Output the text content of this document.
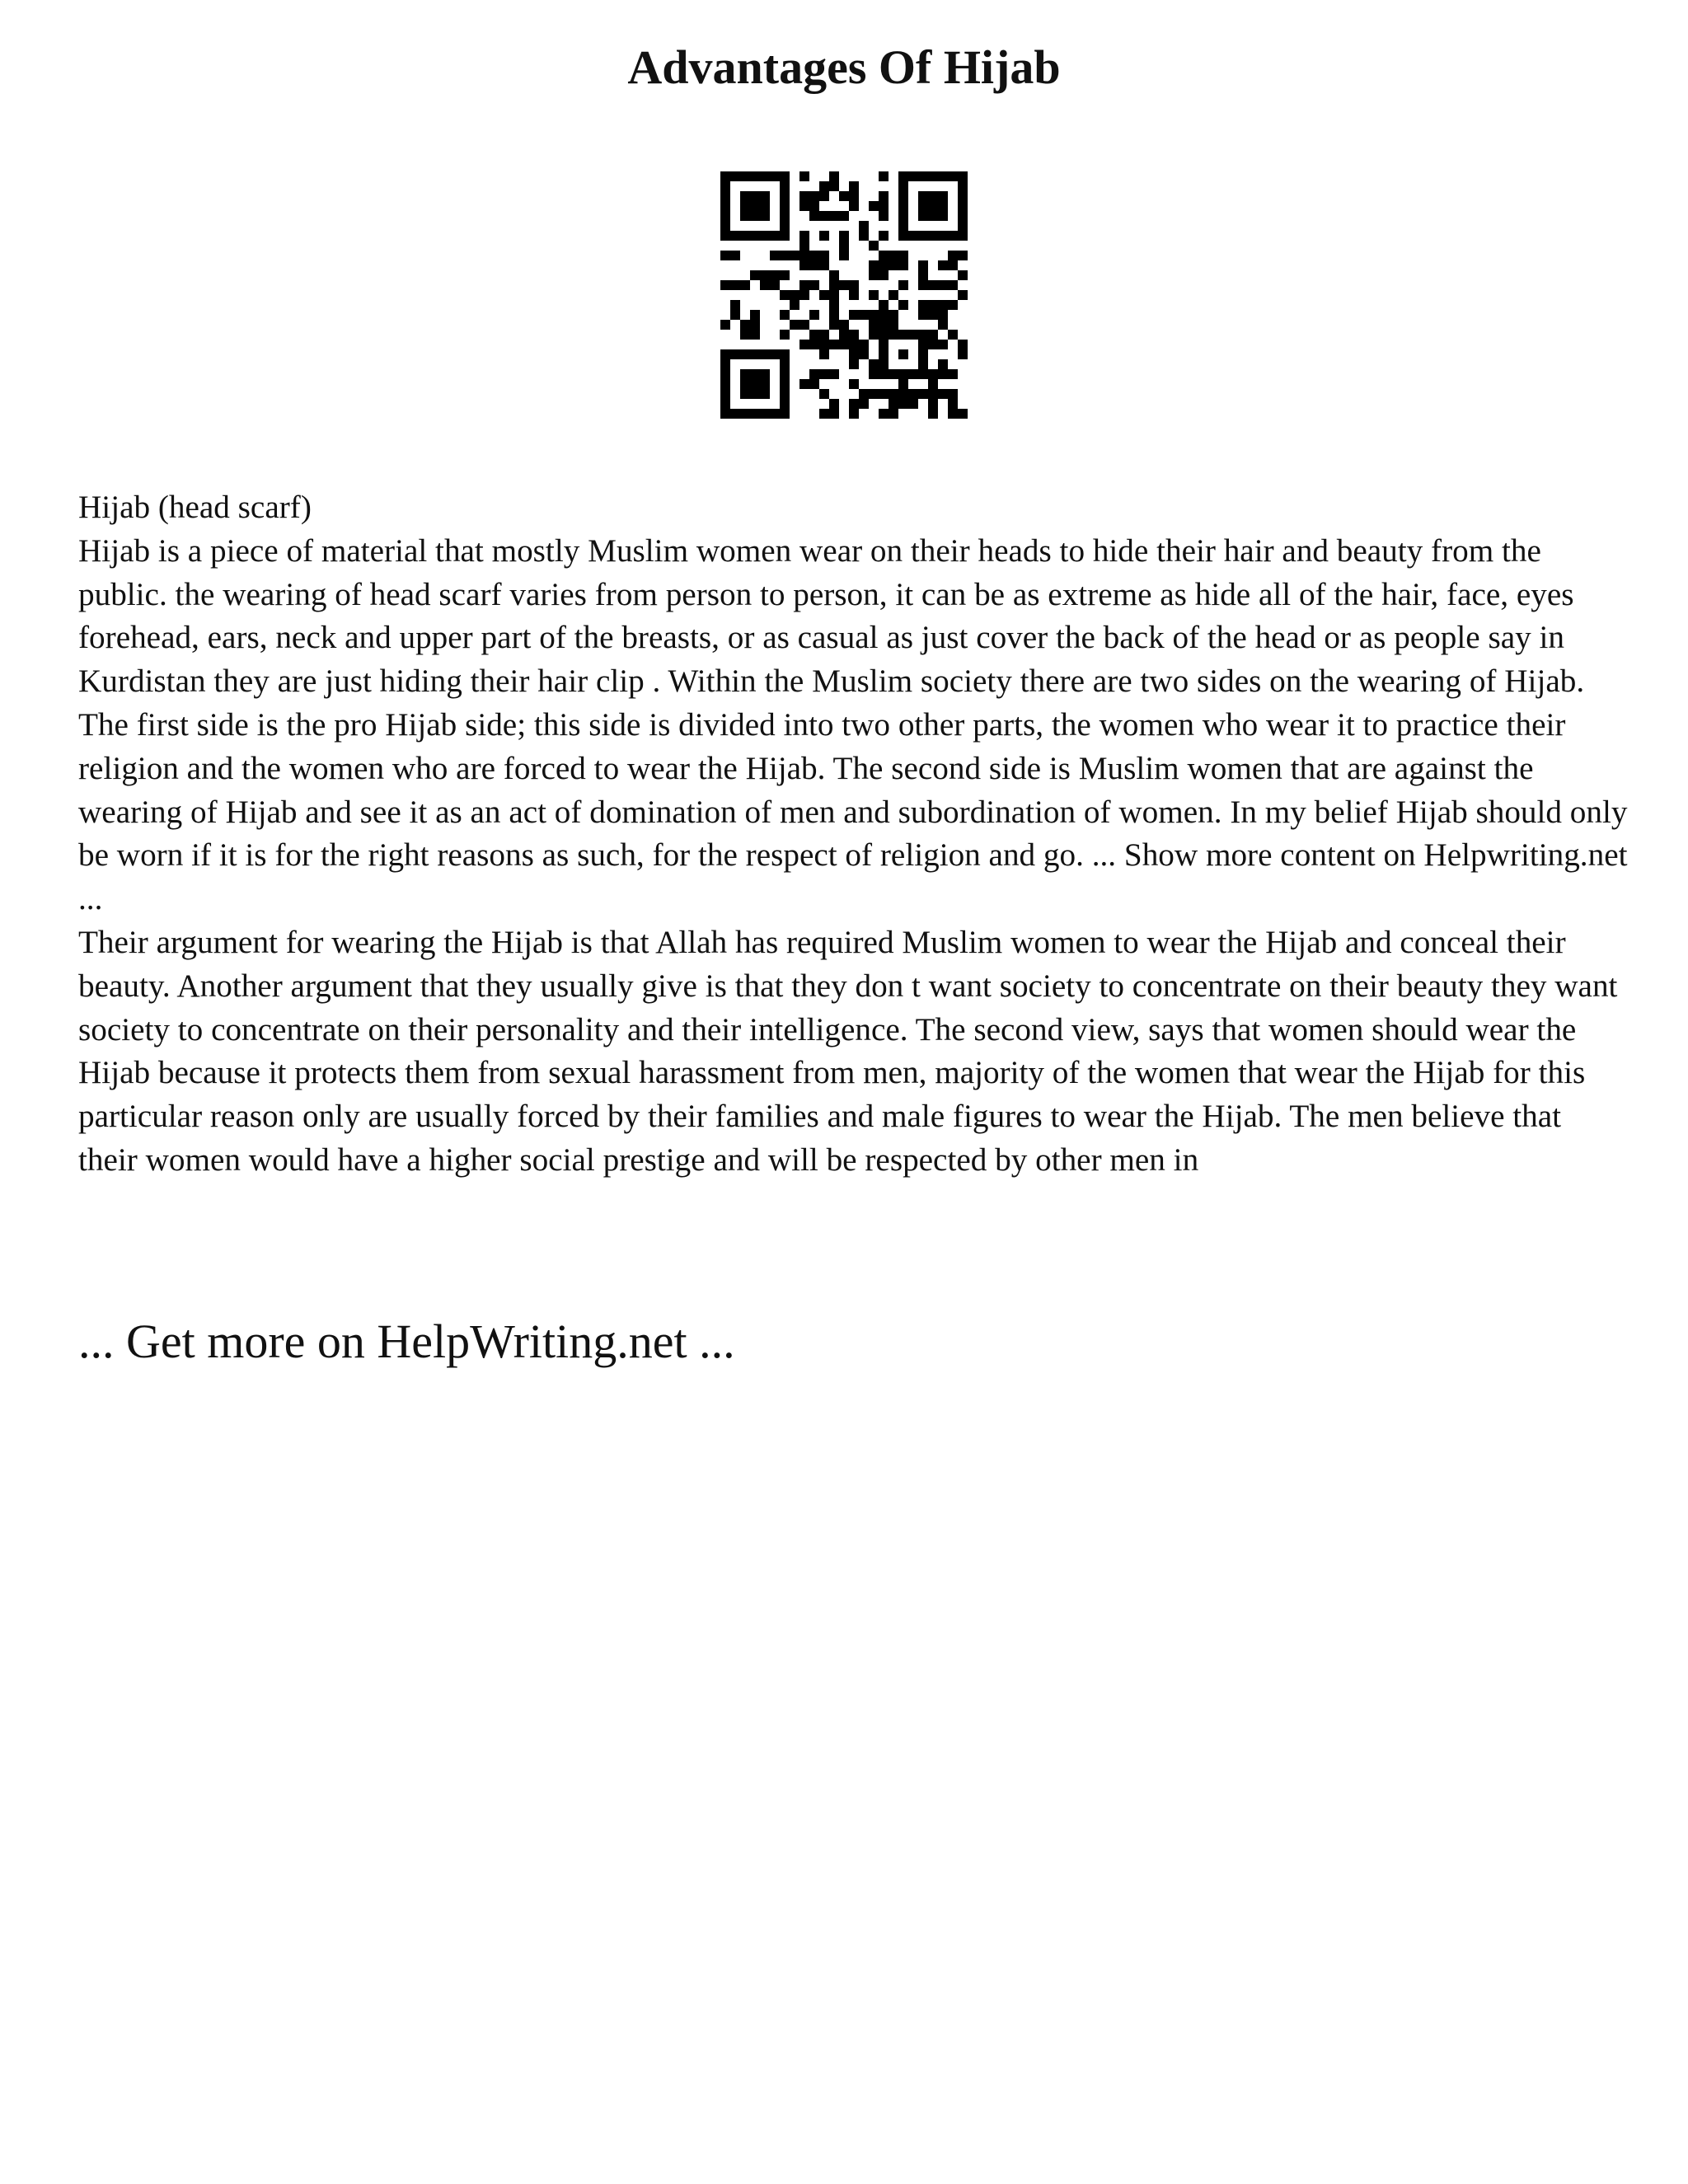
Advantages Of Hijab

Hijab (head scarf)

Hijab is a piece of material that mostly Muslim women wear on their heads to hide their hair and beauty from the public. the wearing of head scarf varies from person to person, it can be as extreme as hide all of the hair, face, eyes forehead, ears, neck and upper part of the breasts, or as casual as just cover the back of the head or as people say in Kurdistan they are just hiding their hair clip . Within the Muslim society there are two sides on the wearing of Hijab. The first side is the pro Hijab side; this side is divided into two other parts, the women who wear it to practice their religion and the women who are forced to wear the Hijab. The second side is Muslim women that are against the wearing of Hijab and see it as an act of domination of men and subordination of women. In my belief Hijab should only be worn if it is for the right reasons as such, for the respect of religion and go. ... Show more content on Helpwriting.net ...

Their argument for wearing the Hijab is that Allah has required Muslim women to wear the Hijab and conceal their beauty. Another argument that they usually give is that they don t want society to concentrate on their beauty they want society to concentrate on their personality and their intelligence. The second view, says that women should wear the Hijab because it protects them from sexual harassment from men, majority of the women that wear the Hijab for this particular reason only are usually forced by their families and male figures to wear the Hijab. The men believe that their women would have a higher social prestige and will be respected by other men in

... Get more on HelpWriting.net ...
